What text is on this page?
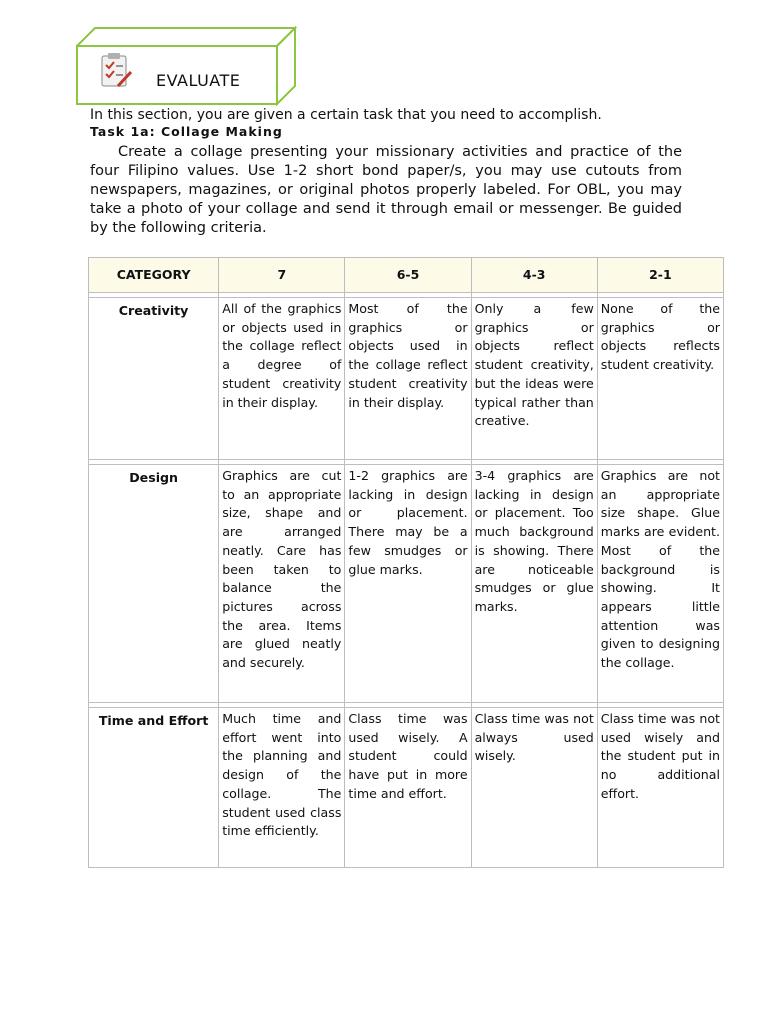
EVALUATE
In this section, you are given a certain task that you need to accomplish.
Task 1a: Collage Making
Create a collage presenting your missionary activities and practice of the four Filipino values. Use 1-2 short bond paper/s, you may use cutouts from newspapers, magazines, or original photos properly labeled. For OBL, you may take a photo of your collage and send it through email or messenger. Be guided by the following criteria.
CATEGORY	7	6-5	4-3	2-1

Creativity	All of the graphics or objects used in the collage reflect a degree of student creativity in their display.	Most of the graphics or objects used in the collage reflect student creativity in their display.	Only a few graphics or objects reflect student creativity, but the ideas were typical rather than creative.	None of the graphics or objects reflects student creativity.

Design	Graphics are cut to an appropriate size, shape and are arranged neatly. Care has been taken to balance the pictures across the area. Items are glued neatly and securely.	1-2 graphics are lacking in design or placement. There may be a few smudges or glue marks.	3-4 graphics are lacking in design or placement. Too much background is showing. There are noticeable smudges or glue marks.	Graphics are not an appropriate size shape. Glue marks are evident. Most of the background is showing. It appears little attention was given to designing the collage.

Time and Effort	Much time and effort went into the planning and design of the collage. The student used class time efficiently.	Class time was used wisely. A student could have put in more time and effort.	Class time was not always used wisely.	Class time was not used wisely and the student put in no additional effort.
